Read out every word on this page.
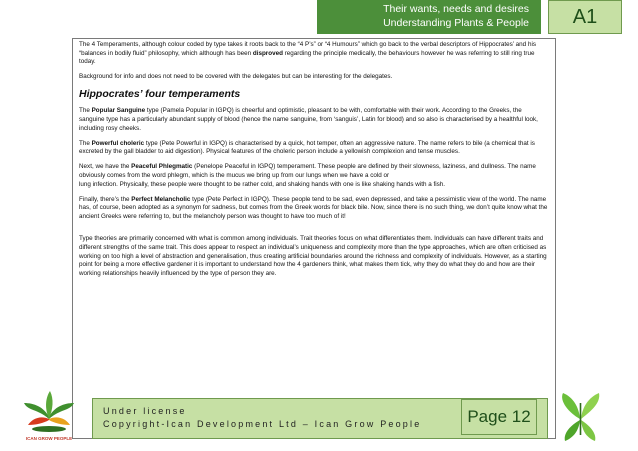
Their wants, needs and desires
Understanding Plants & People	A1

The 4 Temperaments, although colour coded by type takes it roots back to the “4 P’s” or “4 Humours” which go back to the verbal descriptors of Hippocrates’ and his “balances in bodily fluid” philosophy, which although has been disproved regarding the principle medically, the behaviours however he was referring to still ring true today.

Background for info and does not need to be covered with the delegates but can be interesting for the delegates.

Hippocrates’ four temperaments

The Popular Sanguine type (Pamela Popular in IGPQ) is cheerful and optimistic, pleasant to be with, comfortable with their work. According to the Greeks, the sanguine type has a particularly abundant supply of blood (hence the name sanguine, from ‘sanguis’, Latin for blood) and so also is characterised by a healthful look, including rosy cheeks.

The Powerful choleric type (Pete Powerful in IGPQ) is characterised by a quick, hot temper, often an aggressive nature. The name refers to bile (a chemical that is excreted by the gall bladder to aid digestion). Physical features of the choleric person include a yellowish complexion and tense muscles.

Next, we have the Peaceful Phlegmatic (Penelope Peaceful in IGPQ) temperament. These people are defined by their slowness, laziness, and dullness. The name obviously comes from the word phlegm, which is the mucus we bring up from our lungs when we have a cold or
lung infection. Physically, these people were thought to be rather cold, and shaking hands with one is like shaking hands with a fish.

Finally, there’s the Perfect Melancholic type (Pete Perfect in IGPQ). These people tend to be sad, even depressed, and take a pessimistic view of the world. The name has, of course, been adopted as a synonym for sadness, but comes from the Greek words for black bile. Now, since there is no such thing, we don’t quite know what the ancient Greeks were referring to, but the melancholy person was thought to have too much of it!

Type theories are primarily concerned with what is common among individuals. Trait theories focus on what differentiates them. Individuals can have different traits and different strengths of the same trait. This does appear to respect an individual’s uniqueness and complexity more than the type approaches, which are often criticised as working on too high a level of abstraction and generalisation, thus creating artificial boundaries around the richness and complexity of individuals. However, as a starting point for being a more effective gardener it is important to understand how the 4 gardeners think, what makes them tick, why they do what they do and how are their working relationships heavily influenced by the type of person they are.

ICAN GROW PEOPLE
Under license
Copyright-Ican Development Ltd – Ican Grow People	Page 12
